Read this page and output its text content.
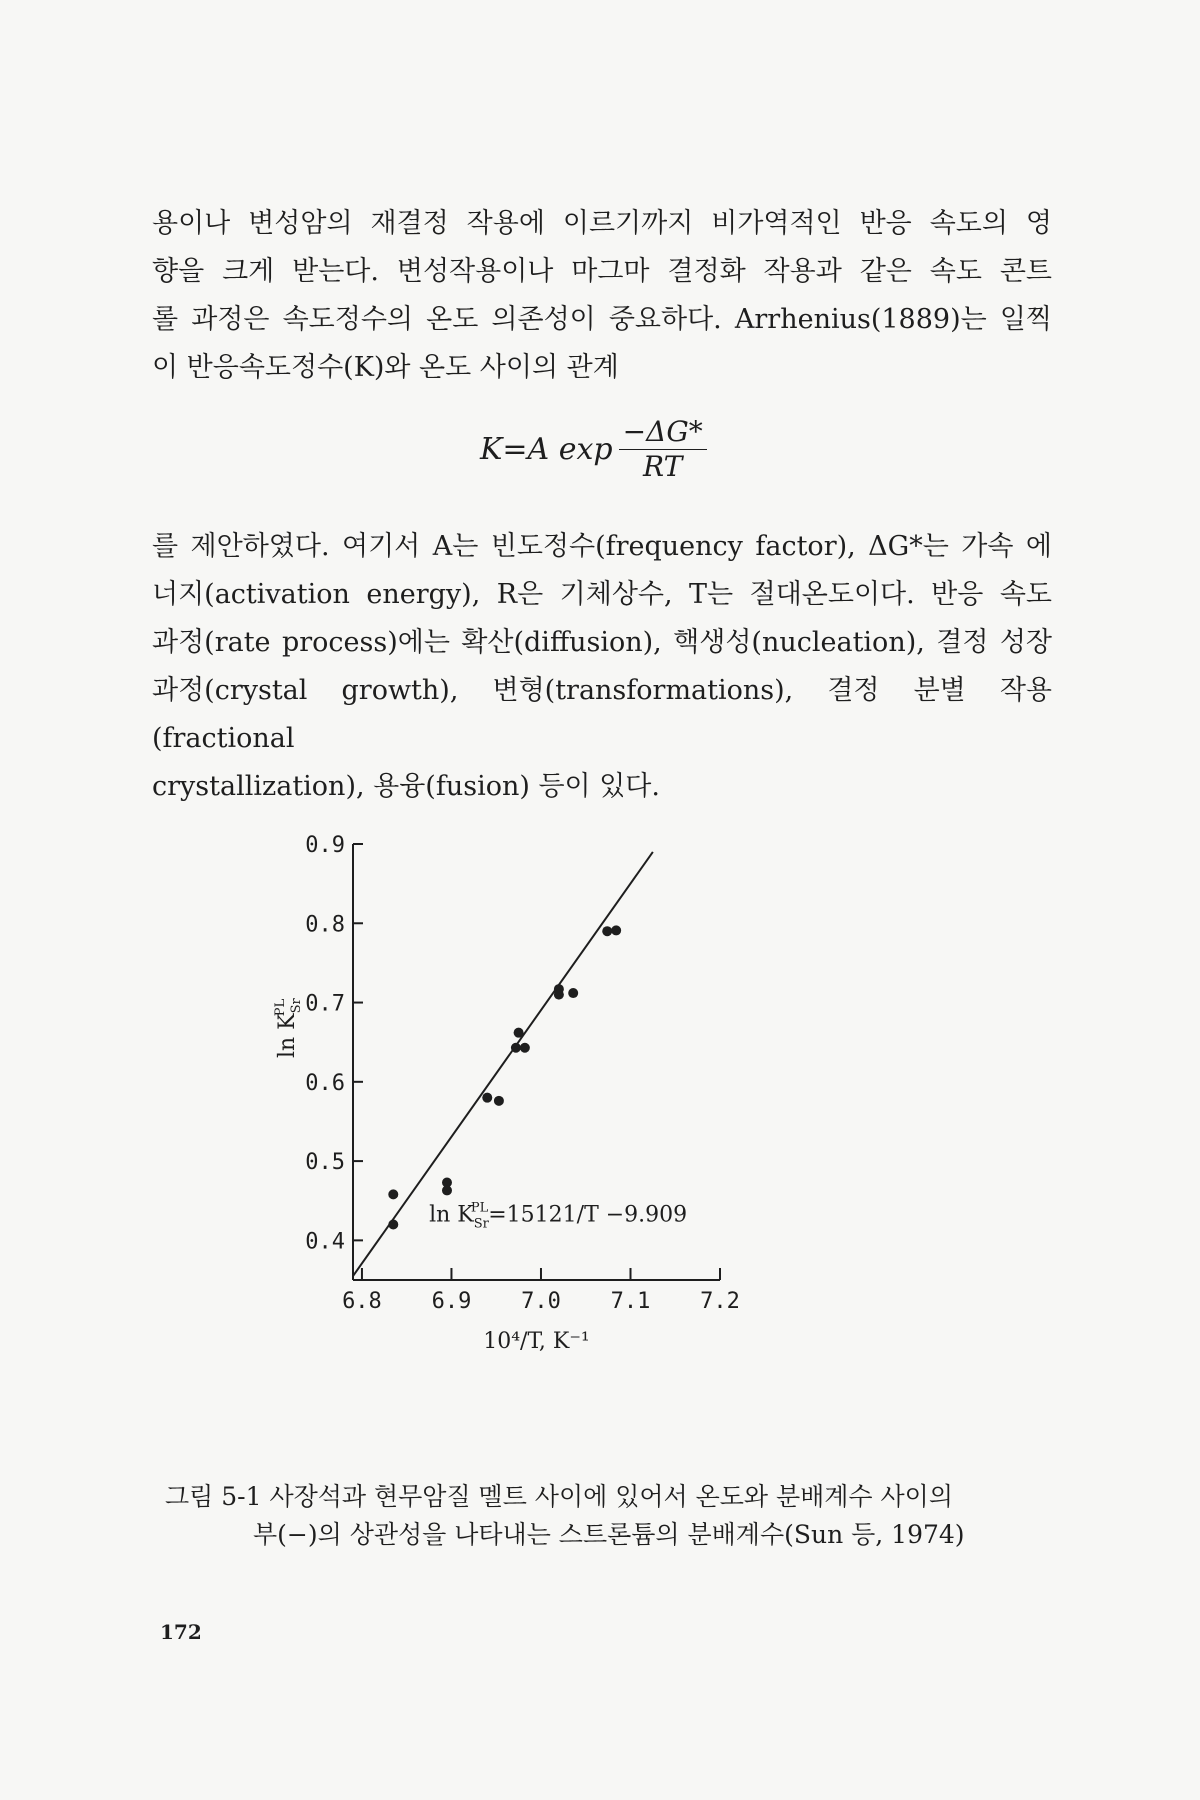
용이나 변성암의 재결정 작용에 이르기까지 비가역적인 반응 속도의 영
향을 크게 받는다. 변성작용이나 마그마 결정화 작용과 같은 속도 콘트
롤 과정은 속도정수의 온도 의존성이 중요하다. Arrhenius(1889)는 일찍
이 반응속도정수(K)와 온도 사이의 관계
K=A $\exp \frac{-\Delta G*}{RT}$
를 제안하였다. 여기서 A는 빈도정수(frequency factor), ΔG*는 가속 에
너지(activation energy), R은 기체상수, T는 절대온도이다. 반응 속도
과정(rate process)에는 확산(diffusion), 핵생성(nucleation), 결정 성장
과정(crystal growth), 변형(transformations), 결정 분별 작용(fractional
crystallization), 용융(fusion) 등이 있다.
0.4
0.5
0.6
0.7
0.8
0.9
6.8 6.9 7.0 7.1 7.2
$\ln K_{Sr}PL$
10⁴/T, K⁻¹
$\ln K_{Sr}PL=15121/T -9.909$
그림 5-1 사장석과 현무암질 멜트 사이에 있어서 온도와 분배계수 사이의
부(−)의 상관성을 나타내는 스트론튬의 분배계수(Sun 등, 1974)
172
